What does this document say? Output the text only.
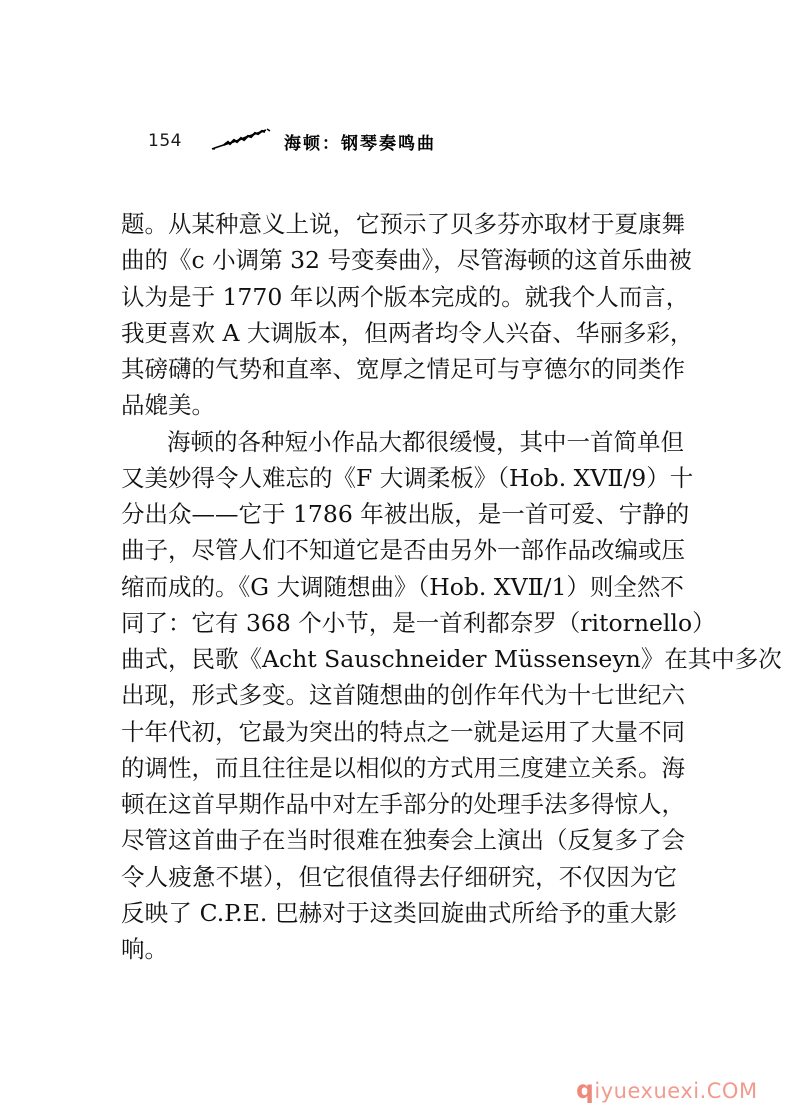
154	海顿：钢琴奏鸣曲
题。从某种意义上说，它预示了贝多芬亦取材于夏康舞
曲的《c 小调第 32 号变奏曲》，尽管海顿的这首乐曲被
认为是于 1770 年以两个版本完成的。就我个人而言，
我更喜欢 A 大调版本，但两者均令人兴奋、华丽多彩，
其磅礴的气势和直率、宽厚之情足可与亨德尔的同类作
品媲美。
海顿的各种短小作品大都很缓慢，其中一首简单但
又美妙得令人难忘的《F 大调柔板》（Hob. XVⅡ/9）十
分出众——它于 1786 年被出版，是一首可爱、宁静的
曲子，尽管人们不知道它是否由另外一部作品改编或压
缩而成的。《G 大调随想曲》（Hob. XVⅡ/1）则全然不
同了：它有 368 个小节，是一首利都奈罗（ritornello）
曲式，民歌《Acht Sauschneider Müssenseyn》在其中多次
出现，形式多变。这首随想曲的创作年代为十七世纪六
十年代初，它最为突出的特点之一就是运用了大量不同
的调性，而且往往是以相似的方式用三度建立关系。海
顿在这首早期作品中对左手部分的处理手法多得惊人，
尽管这首曲子在当时很难在独奏会上演出（反复多了会
令人疲惫不堪），但它很值得去仔细研究，不仅因为它
反映了 C.P.E. 巴赫对于这类回旋曲式所给予的重大影
响。
qiyuexuexi.COM
